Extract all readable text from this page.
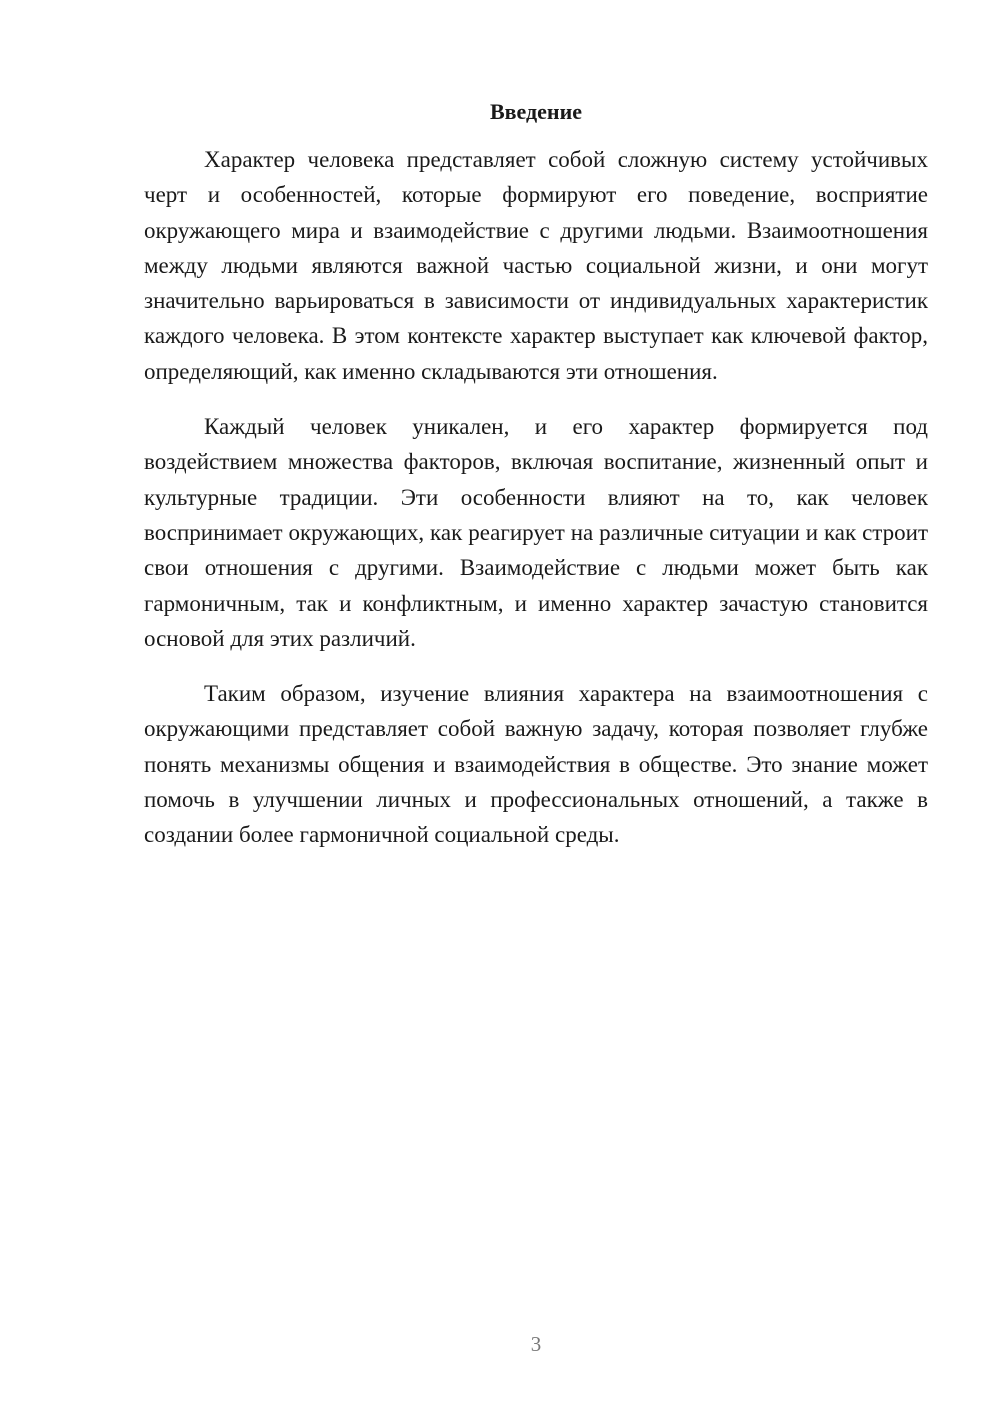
Введение

Характер человека представляет собой сложную систему устойчивых черт и особенностей, которые формируют его поведение, восприятие окружающего мира и взаимодействие с другими людьми. Взаимоотношения между людьми являются важной частью социальной жизни, и они могут значительно варьироваться в зависимости от индивидуальных характеристик каждого человека. В этом контексте характер выступает как ключевой фактор, определяющий, как именно складываются эти отношения.

Каждый человек уникален, и его характер формируется под воздействием множества факторов, включая воспитание, жизненный опыт и культурные традиции. Эти особенности влияют на то, как человек воспринимает окружающих, как реагирует на различные ситуации и как строит свои отношения с другими. Взаимодействие с людьми может быть как гармоничным, так и конфликтным, и именно характер зачастую становится основой для этих различий.

Таким образом, изучение влияния характера на взаимоотношения с окружающими представляет собой важную задачу, которая позволяет глубже понять механизмы общения и взаимодействия в обществе. Это знание может помочь в улучшении личных и профессиональных отношений, а также в создании более гармоничной социальной среды.

3
